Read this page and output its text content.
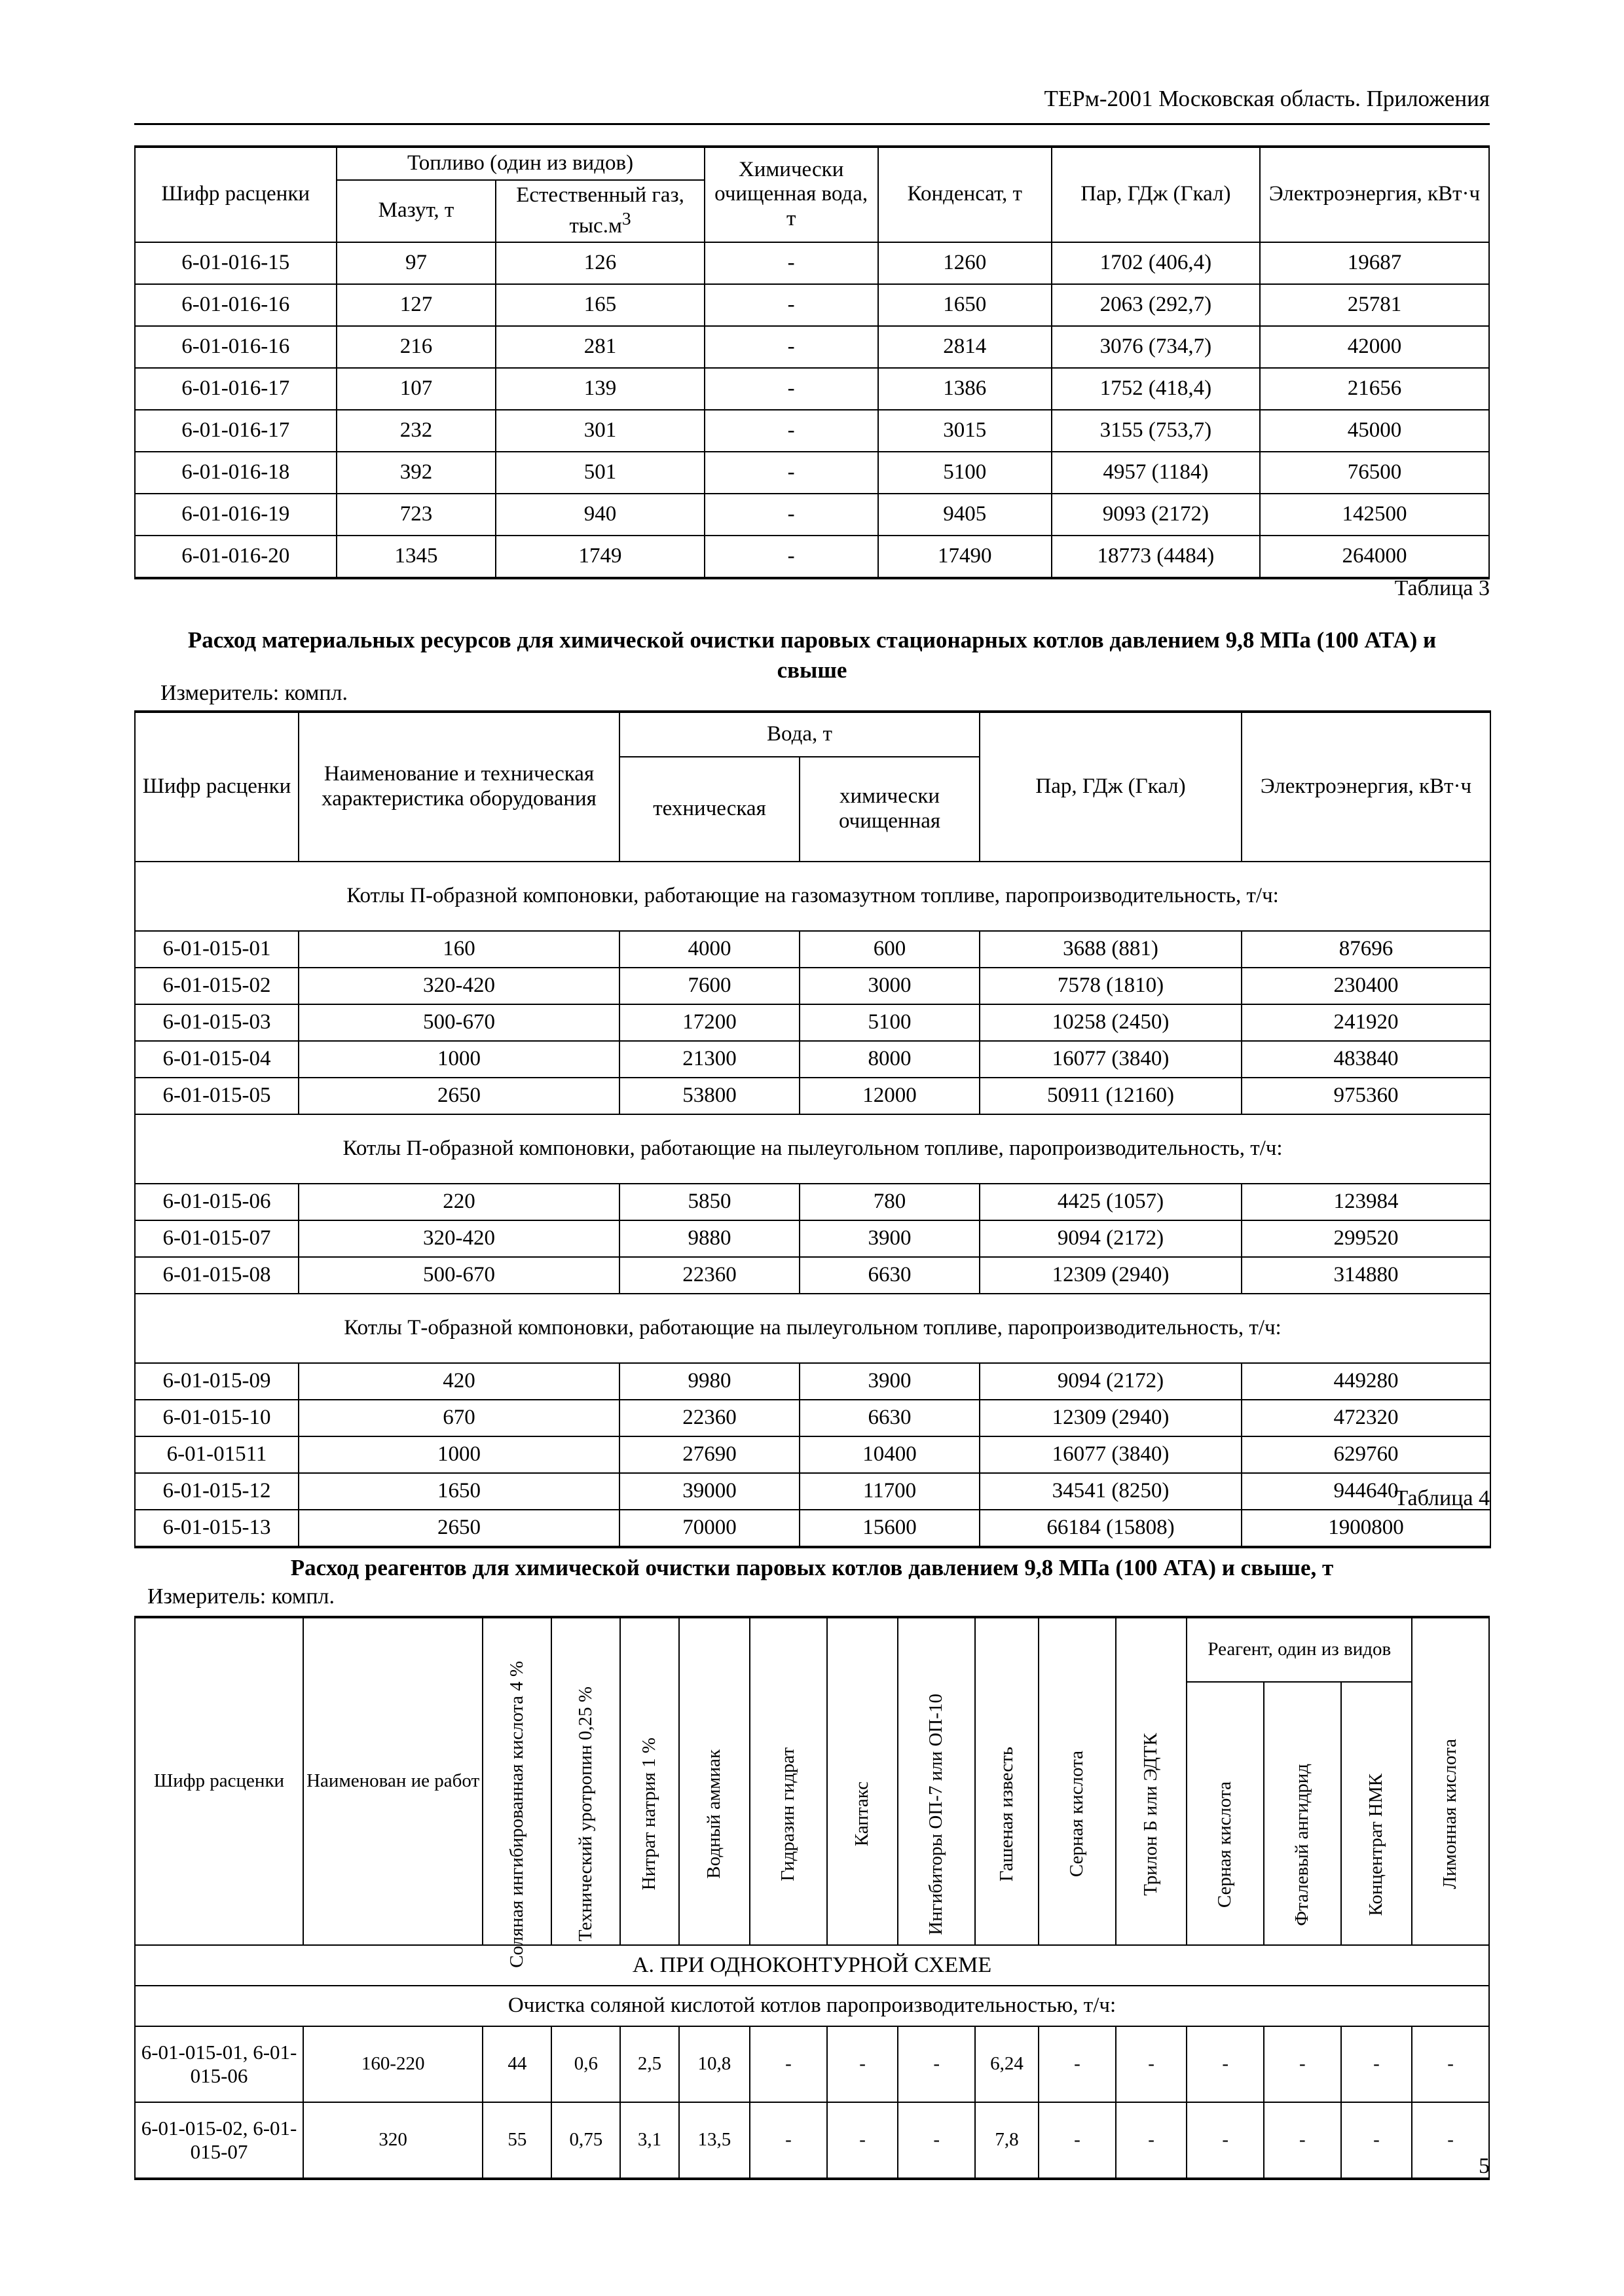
ТЕРм-2001 Московская область. Приложения
Шифр расценки	Топливо (один из видов)		Химически очищенная вода, т	Конденсат, т	Пар, ГДж (Гкал)	Электроэнергия, кВт·ч
	Мазут, т	Естественный газ, $тыс.м^3$
6-01-016-15	97	126	-	1260	1702 (406,4)	19687
6-01-016-16	127	165	-	1650	2063 (292,7)	25781
6-01-016-16	216	281	-	2814	3076 (734,7)	42000
6-01-016-17	107	139	-	1386	1752 (418,4)	21656
6-01-016-17	232	301	-	3015	3155 (753,7)	45000
6-01-016-18	392	501	-	5100	4957 (1184)	76500
6-01-016-19	723	940	-	9405	9093 (2172)	142500
6-01-016-20	1345	1749	-	17490	18773 (4484)	264000
Таблица 3
Расход материальных ресурсов для химической очистки паровых стационарных котлов давлением 9,8 МПа (100 АТА) и свыше
Измеритель: компл.
Шифр расценки	Наименование и техническая характеристика оборудования	Вода, т		Пар, ГДж (Гкал)	Электроэнергия, кВт·ч
		техническая	химически очищенная		
Котлы П-образной компоновки, работающие на газомазутном топливе, паропроизводительность, т/ч:					
6-01-015-01	160	4000	600	3688 (881)	87696
6-01-015-02	320-420	7600	3000	7578 (1810)	230400
6-01-015-03	500-670	17200	5100	10258 (2450)	241920
6-01-015-04	1000	21300	8000	16077 (3840)	483840
6-01-015-05	2650	53800	12000	50911 (12160)	975360
Котлы П-образной компоновки, работающие на пылеугольном топливе, паропроизводительность, т/ч:					
6-01-015-06	220	5850	780	4425 (1057)	123984
6-01-015-07	320-420	9880	3900	9094 (2172)	299520
6-01-015-08	500-670	22360	6630	12309 (2940)	314880
Котлы Т-образной компоновки, работающие на пылеугольном топливе, паропроизводительность, т/ч:					
6-01-015-09	420	9980	3900	9094 (2172)	449280
6-01-015-10	670	22360	6630	12309 (2940)	472320
6-01-01511	1000	27690	10400	16077 (3840)	629760
6-01-015-12	1650	39000	11700	34541 (8250)	944640
6-01-015-13	2650	70000	15600	66184 (15808)	1900800
Таблица 4
Расход реагентов для химической очистки паровых котлов давлением 9,8 МПа (100 АТА) и свыше, т
Измеритель: компл.
Шифр расценки	Наименован ие работ	Соляная ингибированная кислота 4 %	Технический уротропин 0,25 %	Нитрат натрия 1 %	Водный аммиак	Гидразин гидрат	Каптакс	Ингибиторы ОП-7 или ОП-10	Гашеная известь	Серная кислота	Трилон Б или ЭДТК	Реагент, один из видов			Лимонная кислота

												Серная кислота	Фталевый ангидрид	Концентрат НМК	

А. ПРИ ОДНОКОНТУРНОЙ СХЕМЕ															
Очистка соляной кислотой котлов паропроизводительностью, т/ч:															
6-01-015-01, 6-01-015-06	160-220	44	0,6	2,5	10,8	-	-	-	6,24	-	-	-	-	-	-
6-01-015-02, 6-01-015-07	320	55	0,75	3,1	13,5	-	-	-	7,8	-	-	-	-	-	-
5
